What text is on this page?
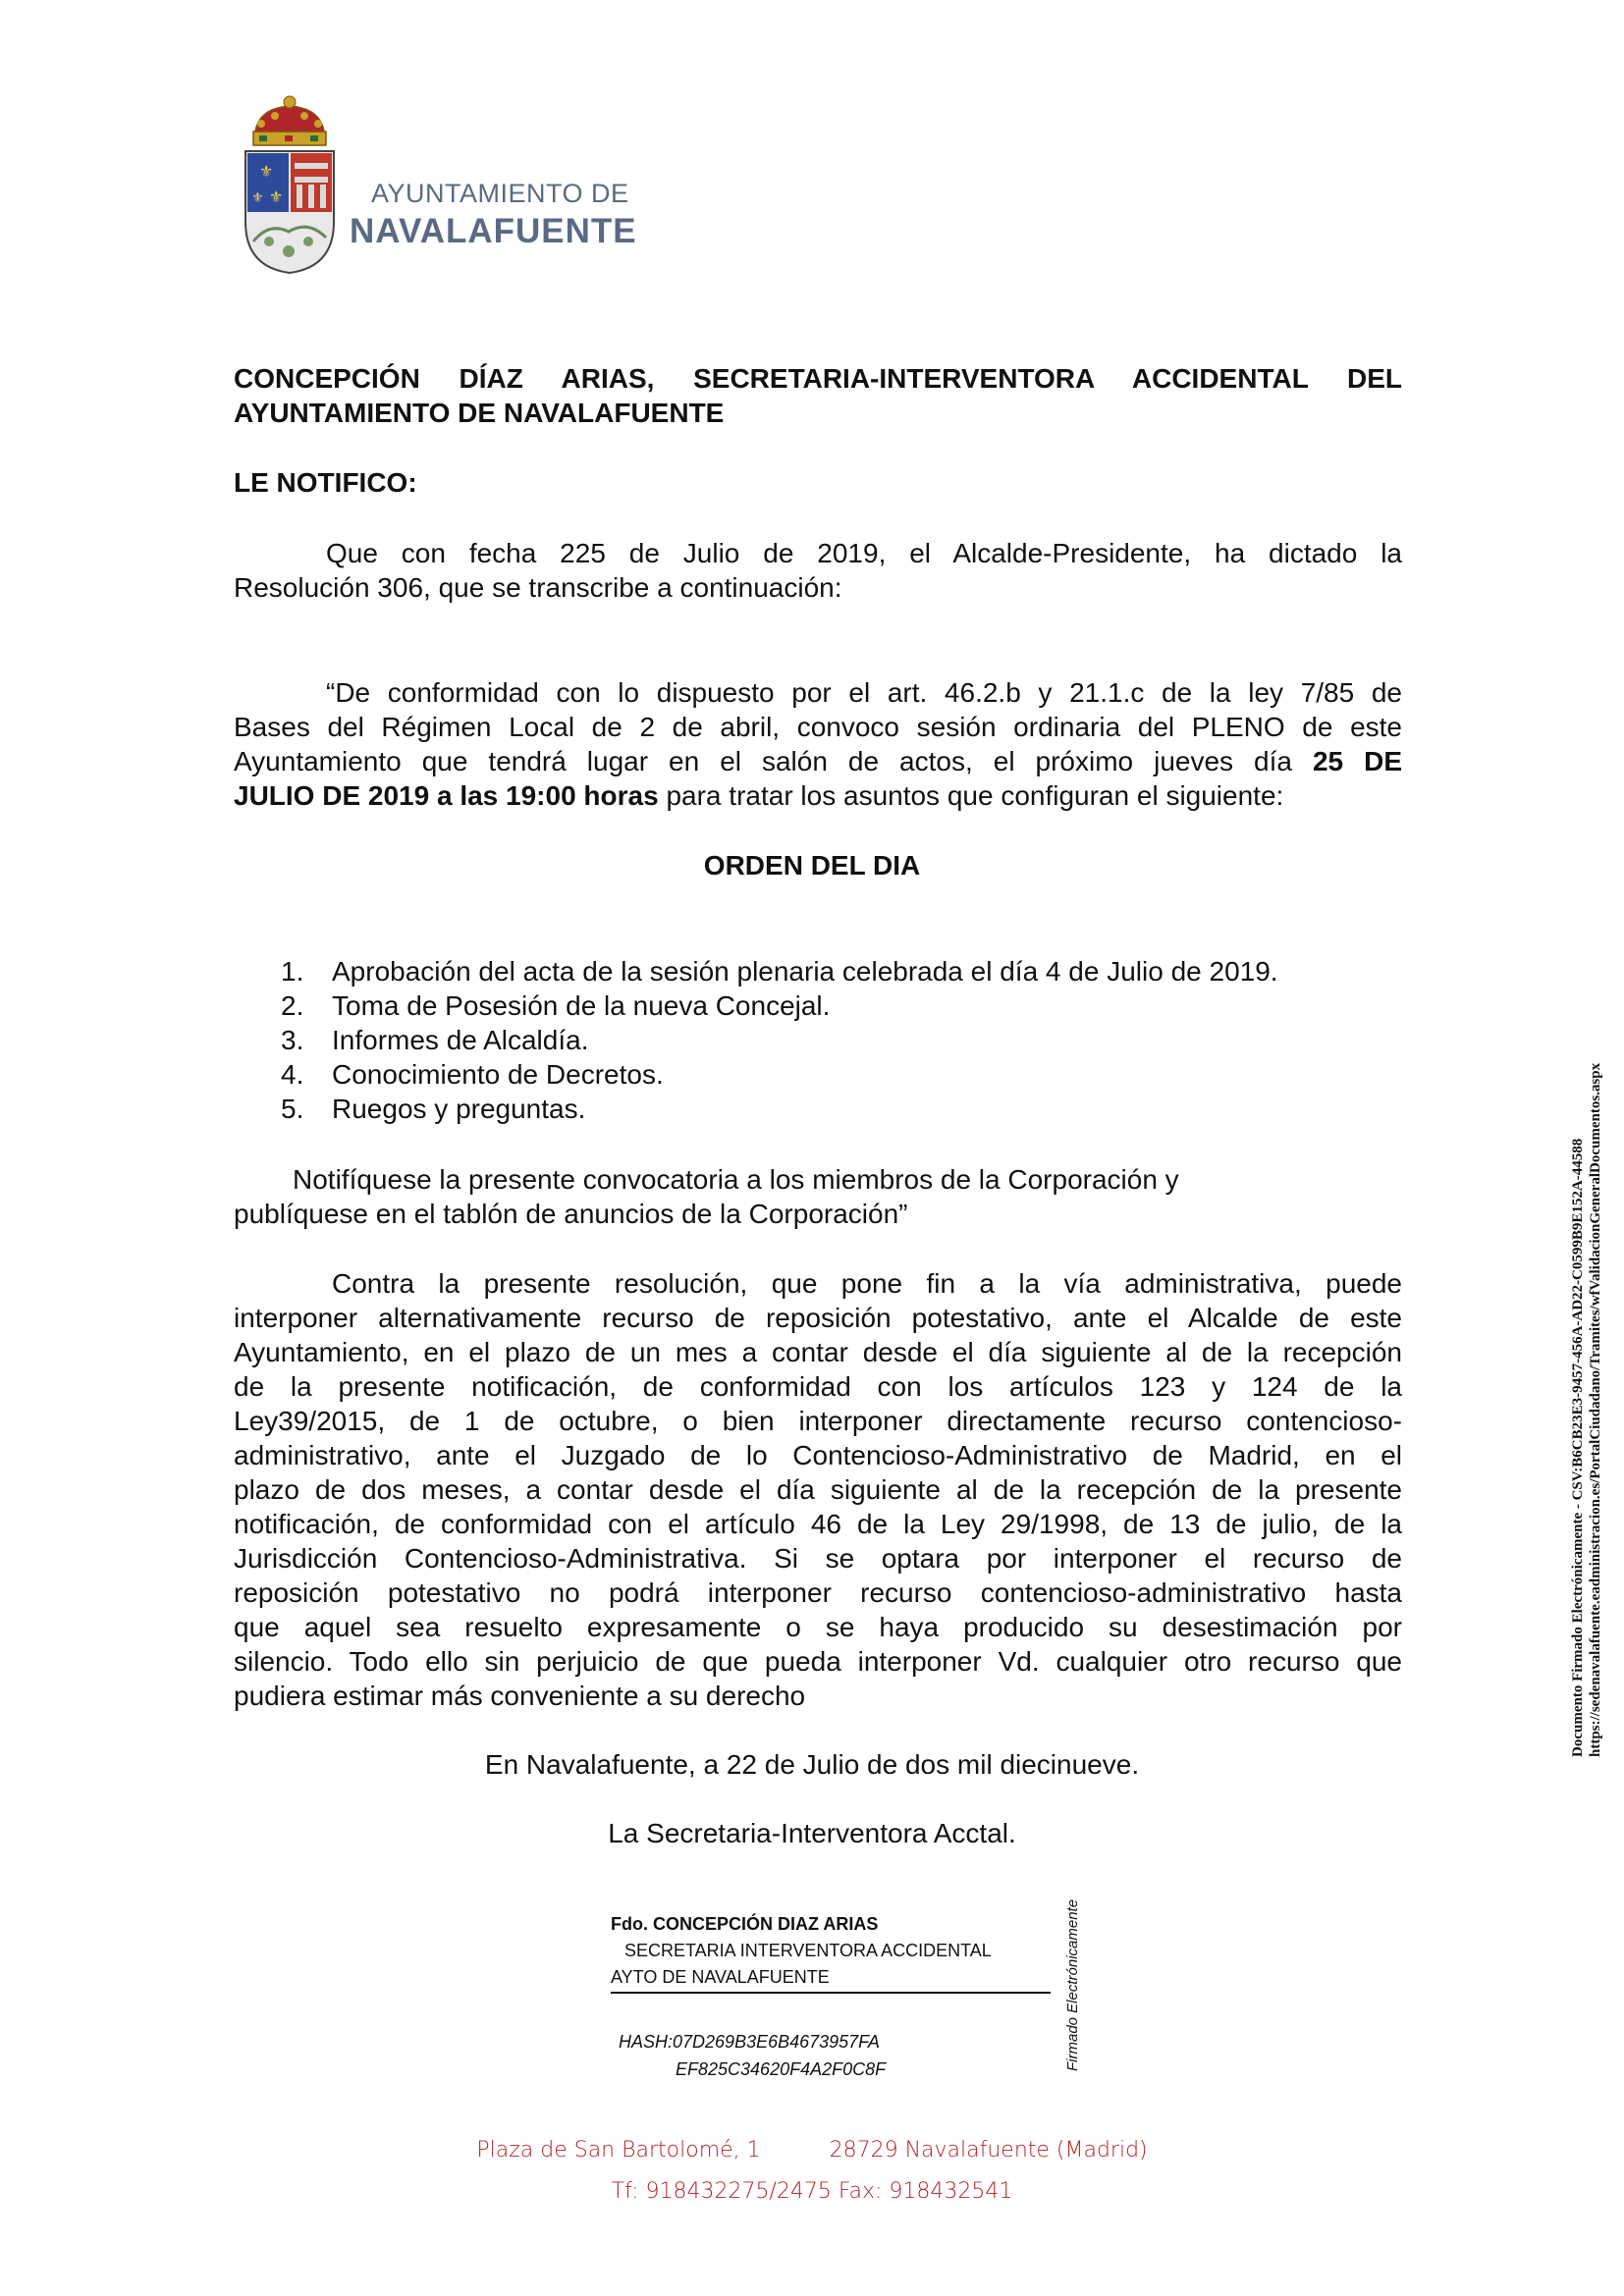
⚜
⚜
⚜	AYUNTAMIENTO DE
NAVALAFUENTE
CONCEPCIÓN DÍAZ ARIAS, SECRETARIA-INTERVENTORA ACCIDENTAL DEL
AYUNTAMIENTO DE NAVALAFUENTE
LE NOTIFICO:
Que con fecha 225 de Julio de 2019, el Alcalde-Presidente, ha dictado la
Resolución 306, que se transcribe a continuación:
“De conformidad con lo dispuesto por el art. 46.2.b y 21.1.c de la ley 7/85 de
Bases del Régimen Local de 2 de abril, convoco sesión ordinaria del PLENO de este
Ayuntamiento que tendrá lugar en el salón de actos, el próximo jueves día 25 DE
JULIO DE 2019 a las 19:00 horas para tratar los asuntos que configuran el siguiente:
ORDEN DEL DIA
1. Aprobación del acta de la sesión plenaria celebrada el día 4 de Julio de 2019.
2. Toma de Posesión de la nueva Concejal.
3. Informes de Alcaldía.
4. Conocimiento de Decretos.
5. Ruegos y preguntas.
Notifíquese la presente convocatoria a los miembros de la Corporación y
publíquese en el tablón de anuncios de la Corporación”
Contra la presente resolución, que pone fin a la vía administrativa, puede
interponer alternativamente recurso de reposición potestativo, ante el Alcalde de este
Ayuntamiento, en el plazo de un mes a contar desde el día siguiente al de la recepción
de la presente notificación, de conformidad con los artículos 123 y 124 de la
Ley39/2015, de 1 de octubre, o bien interponer directamente recurso contencioso-
administrativo, ante el Juzgado de lo Contencioso-Administrativo de Madrid, en el
plazo de dos meses, a contar desde el día siguiente al de la recepción de la presente
notificación, de conformidad con el artículo 46 de la Ley 29/1998, de 13 de julio, de la
Jurisdicción Contencioso-Administrativa. Si se optara por interponer el recurso de
reposición potestativo no podrá interponer recurso contencioso-administrativo hasta
que aquel sea resuelto expresamente o se haya producido su desestimación por
silencio. Todo ello sin perjuicio de que pueda interponer Vd. cualquier otro recurso que
pudiera estimar más conveniente a su derecho
En Navalafuente, a 22 de Julio de dos mil diecinueve.
La Secretaria-Interventora Acctal.
Fdo. CONCEPCIÓN DIAZ ARIAS
SECRETARIA INTERVENTORA ACCIDENTAL
AYTO DE NAVALAFUENTE
HASH:07D269B3E6B4673957FA
EF825C34620F4A2F0C8F	Firmado Electrónicamente
Documento Firmado Electrónicamente - CSV:B6CB23E3-9457-456A-AD22-C0599B9E152A-44588 https://sedenavalafuente.eadministracion.es/PortalCiudadano/Tramites/wfValidacionGeneralDocumentos.aspx
Plaza de San Bartolomé, 1          28729 Navalafuente (Madrid)
Tf: 918432275/2475 Fax: 918432541
